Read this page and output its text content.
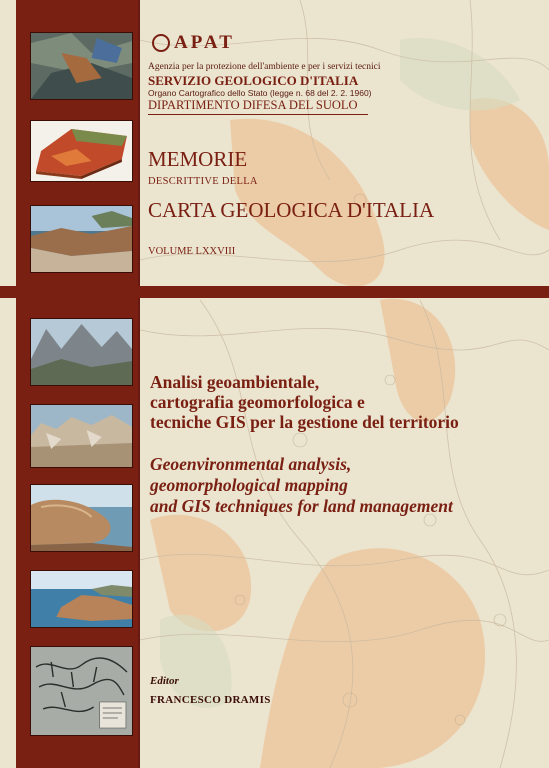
APAT
Agenzia per la protezione dell'ambiente e per i servizi tecnici
SERVIZIO GEOLOGICO D'ITALIA
Organo Cartografico dello Stato (legge n. 68 del 2. 2. 1960)
DIPARTIMENTO DIFESA DEL SUOLO
MEMORIE
DESCRITTIVE DELLA
CARTA GEOLOGICA D'ITALIA
VOLUME LXXVIII
Analisi geoambientale,
cartografia geomorfologica e
tecniche GIS per la gestione del territorio
Geoenvironmental analysis,
geomorphological mapping
and GIS techniques for land management
Editor
FRANCESCO DRAMIS
